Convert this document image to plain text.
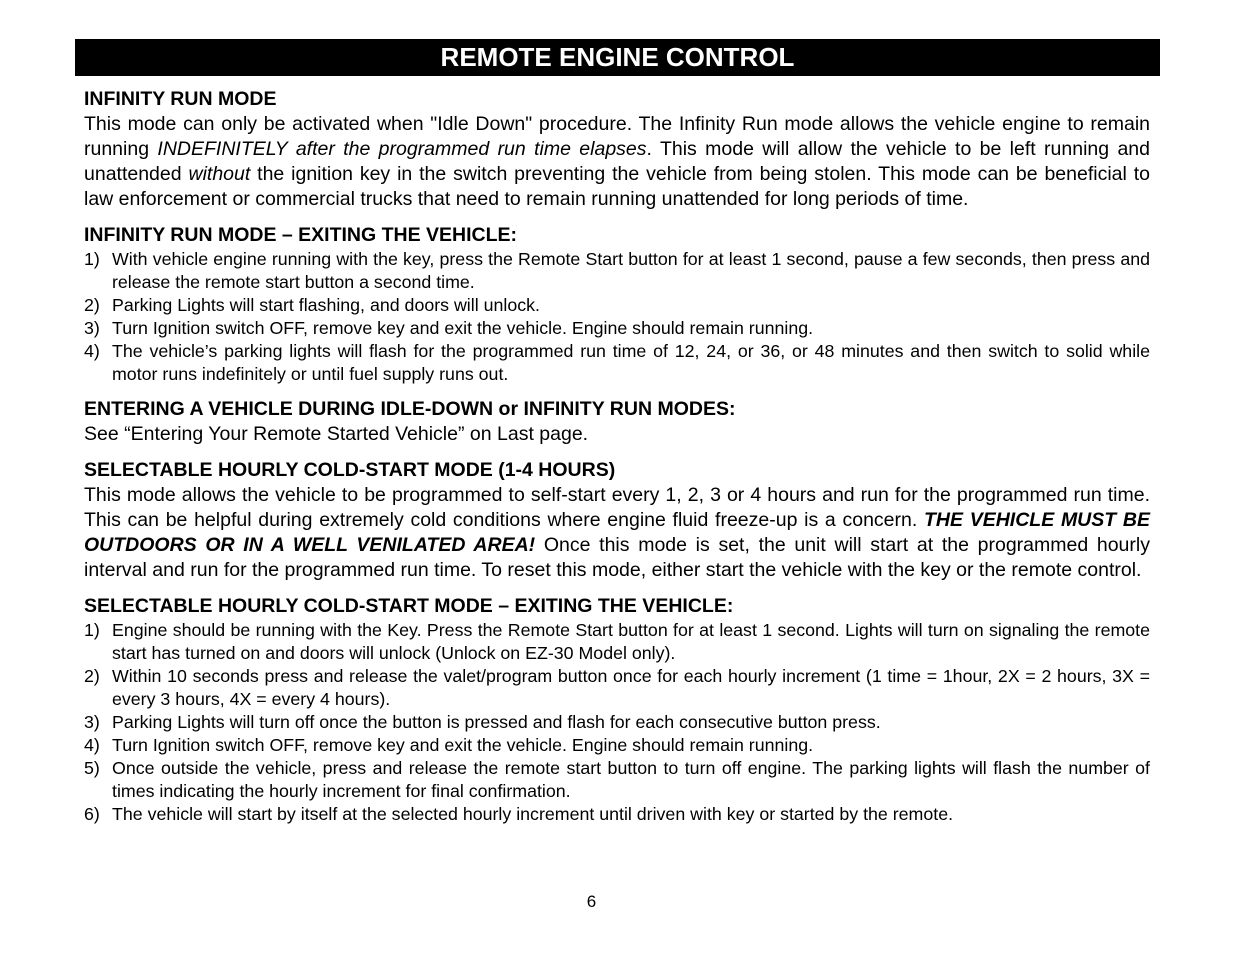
REMOTE ENGINE CONTROL

INFINITY RUN MODE

This mode can only be activated when "Idle Down" procedure. The Infinity Run mode allows the vehicle engine to remain running INDEFINITELY after the programmed run time elapses. This mode will allow the vehicle to be left running and unattended without the ignition key in the switch preventing the vehicle from being stolen. This mode can be beneficial to law enforcement or commercial trucks that need to remain running unattended for long periods of time.

INFINITY RUN MODE – EXITING THE VEHICLE:

1) With vehicle engine running with the key, press the Remote Start button for at least 1 second, pause a few seconds, then press and release the remote start button a second time.
2) Parking Lights will start flashing, and doors will unlock.
3) Turn Ignition switch OFF, remove key and exit the vehicle. Engine should remain running.
4) The vehicle’s parking lights will flash for the programmed run time of 12, 24, or 36, or 48 minutes and then switch to solid while motor runs indefinitely or until fuel supply runs out.

ENTERING A VEHICLE DURING IDLE-DOWN or INFINITY RUN MODES:

See “Entering Your Remote Started Vehicle” on Last page.

SELECTABLE HOURLY COLD-START MODE (1-4 HOURS)

This mode allows the vehicle to be programmed to self-start every 1, 2, 3 or 4 hours and run for the programmed run time. This can be helpful during extremely cold conditions where engine fluid freeze-up is a concern. THE VEHICLE MUST BE OUTDOORS OR IN A WELL VENILATED AREA! Once this mode is set, the unit will start at the programmed hourly interval and run for the programmed run time. To reset this mode, either start the vehicle with the key or the remote control.

SELECTABLE HOURLY COLD-START MODE – EXITING THE VEHICLE:

1) Engine should be running with the Key. Press the Remote Start button for at least 1 second. Lights will turn on signaling the remote start has turned on and doors will unlock (Unlock on EZ-30 Model only).
2) Within 10 seconds press and release the valet/program button once for each hourly increment (1 time = 1hour, 2X = 2 hours, 3X = every 3 hours, 4X = every 4 hours).
3) Parking Lights will turn off once the button is pressed and flash for each consecutive button press.
4) Turn Ignition switch OFF, remove key and exit the vehicle. Engine should remain running.
5) Once outside the vehicle, press and release the remote start button to turn off engine. The parking lights will flash the number of times indicating the hourly increment for final confirmation.
6) The vehicle will start by itself at the selected hourly increment until driven with key or started by the remote.
6
